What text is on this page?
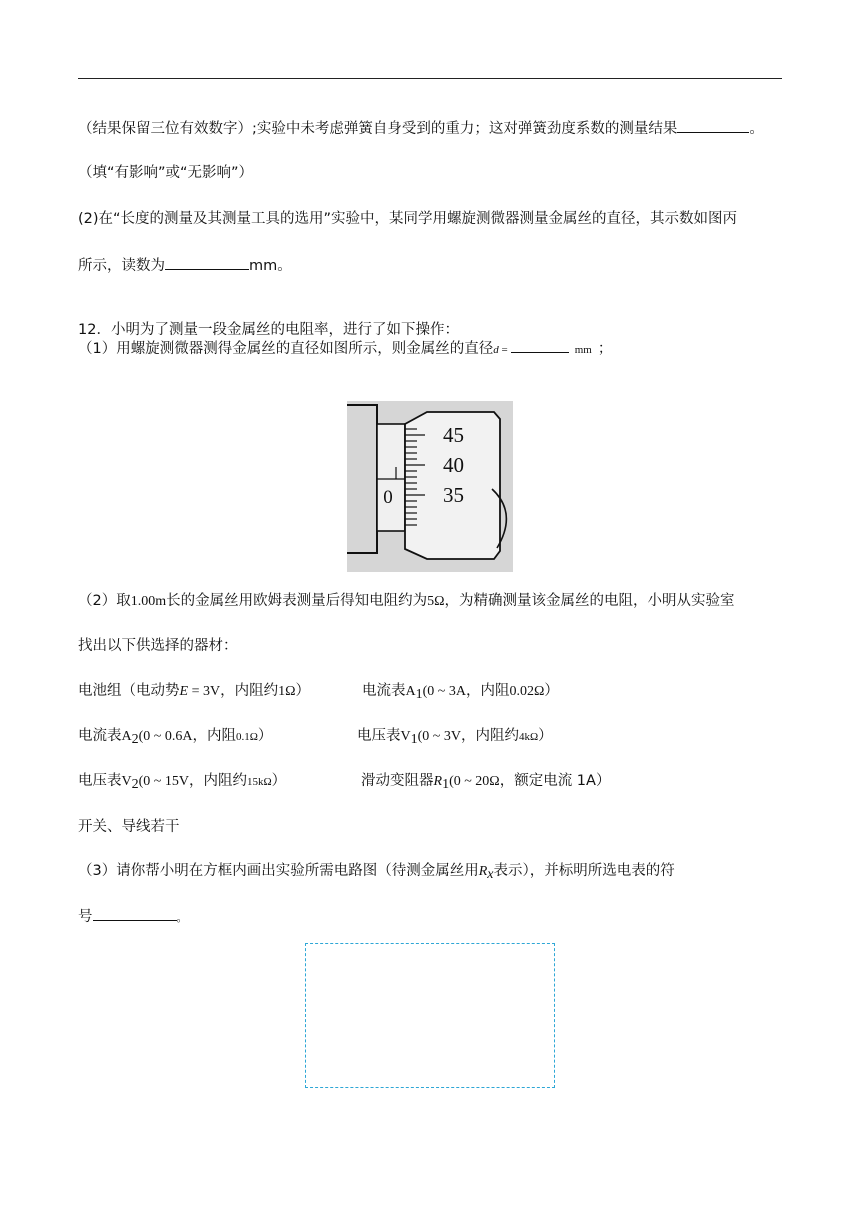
（结果保留三位有效数字）;实验中未考虑弹簧自身受到的重力；这对弹簧劲度系数的测量结果	。
（填“有影响”或“无影响”）
(2)在“长度的测量及其测量工具的选用”实验中，某同学用螺旋测微器测量金属丝的直径，其示数如图丙
所示，读数为	mm。
12．小明为了测量一段金属丝的电阻率，进行了如下操作：
（1）用螺旋测微器测得金属丝的直径如图所示，则金属丝的直径d =	mm ；
0
45
40
35
（2）取1.00m长的金属丝用欧姆表测量后得知电阻约为5Ω，为精确测量该金属丝的电阻，小明从实验室
找出以下供选择的器材：
电池组（电动势E = 3V，内阻约1Ω）	电流表$A_1(0$ ~ 3A，内阻0.02Ω）
电流表$A_2(0$ ~ 0.6A，内阻0.1Ω）	电压表$V_1(0$ ~ 3V，内阻约4kΩ）
电压表$V_2(0$ ~ 15V，内阻约15kΩ）	滑动变阻器$R_1(0$ ~ 20Ω，额定电流 1A）
开关、导线若干
（3）请你帮小明在方框内画出实验所需电路图（待测金属丝用$R_x$表示），并标明所选电表的符
号	。
